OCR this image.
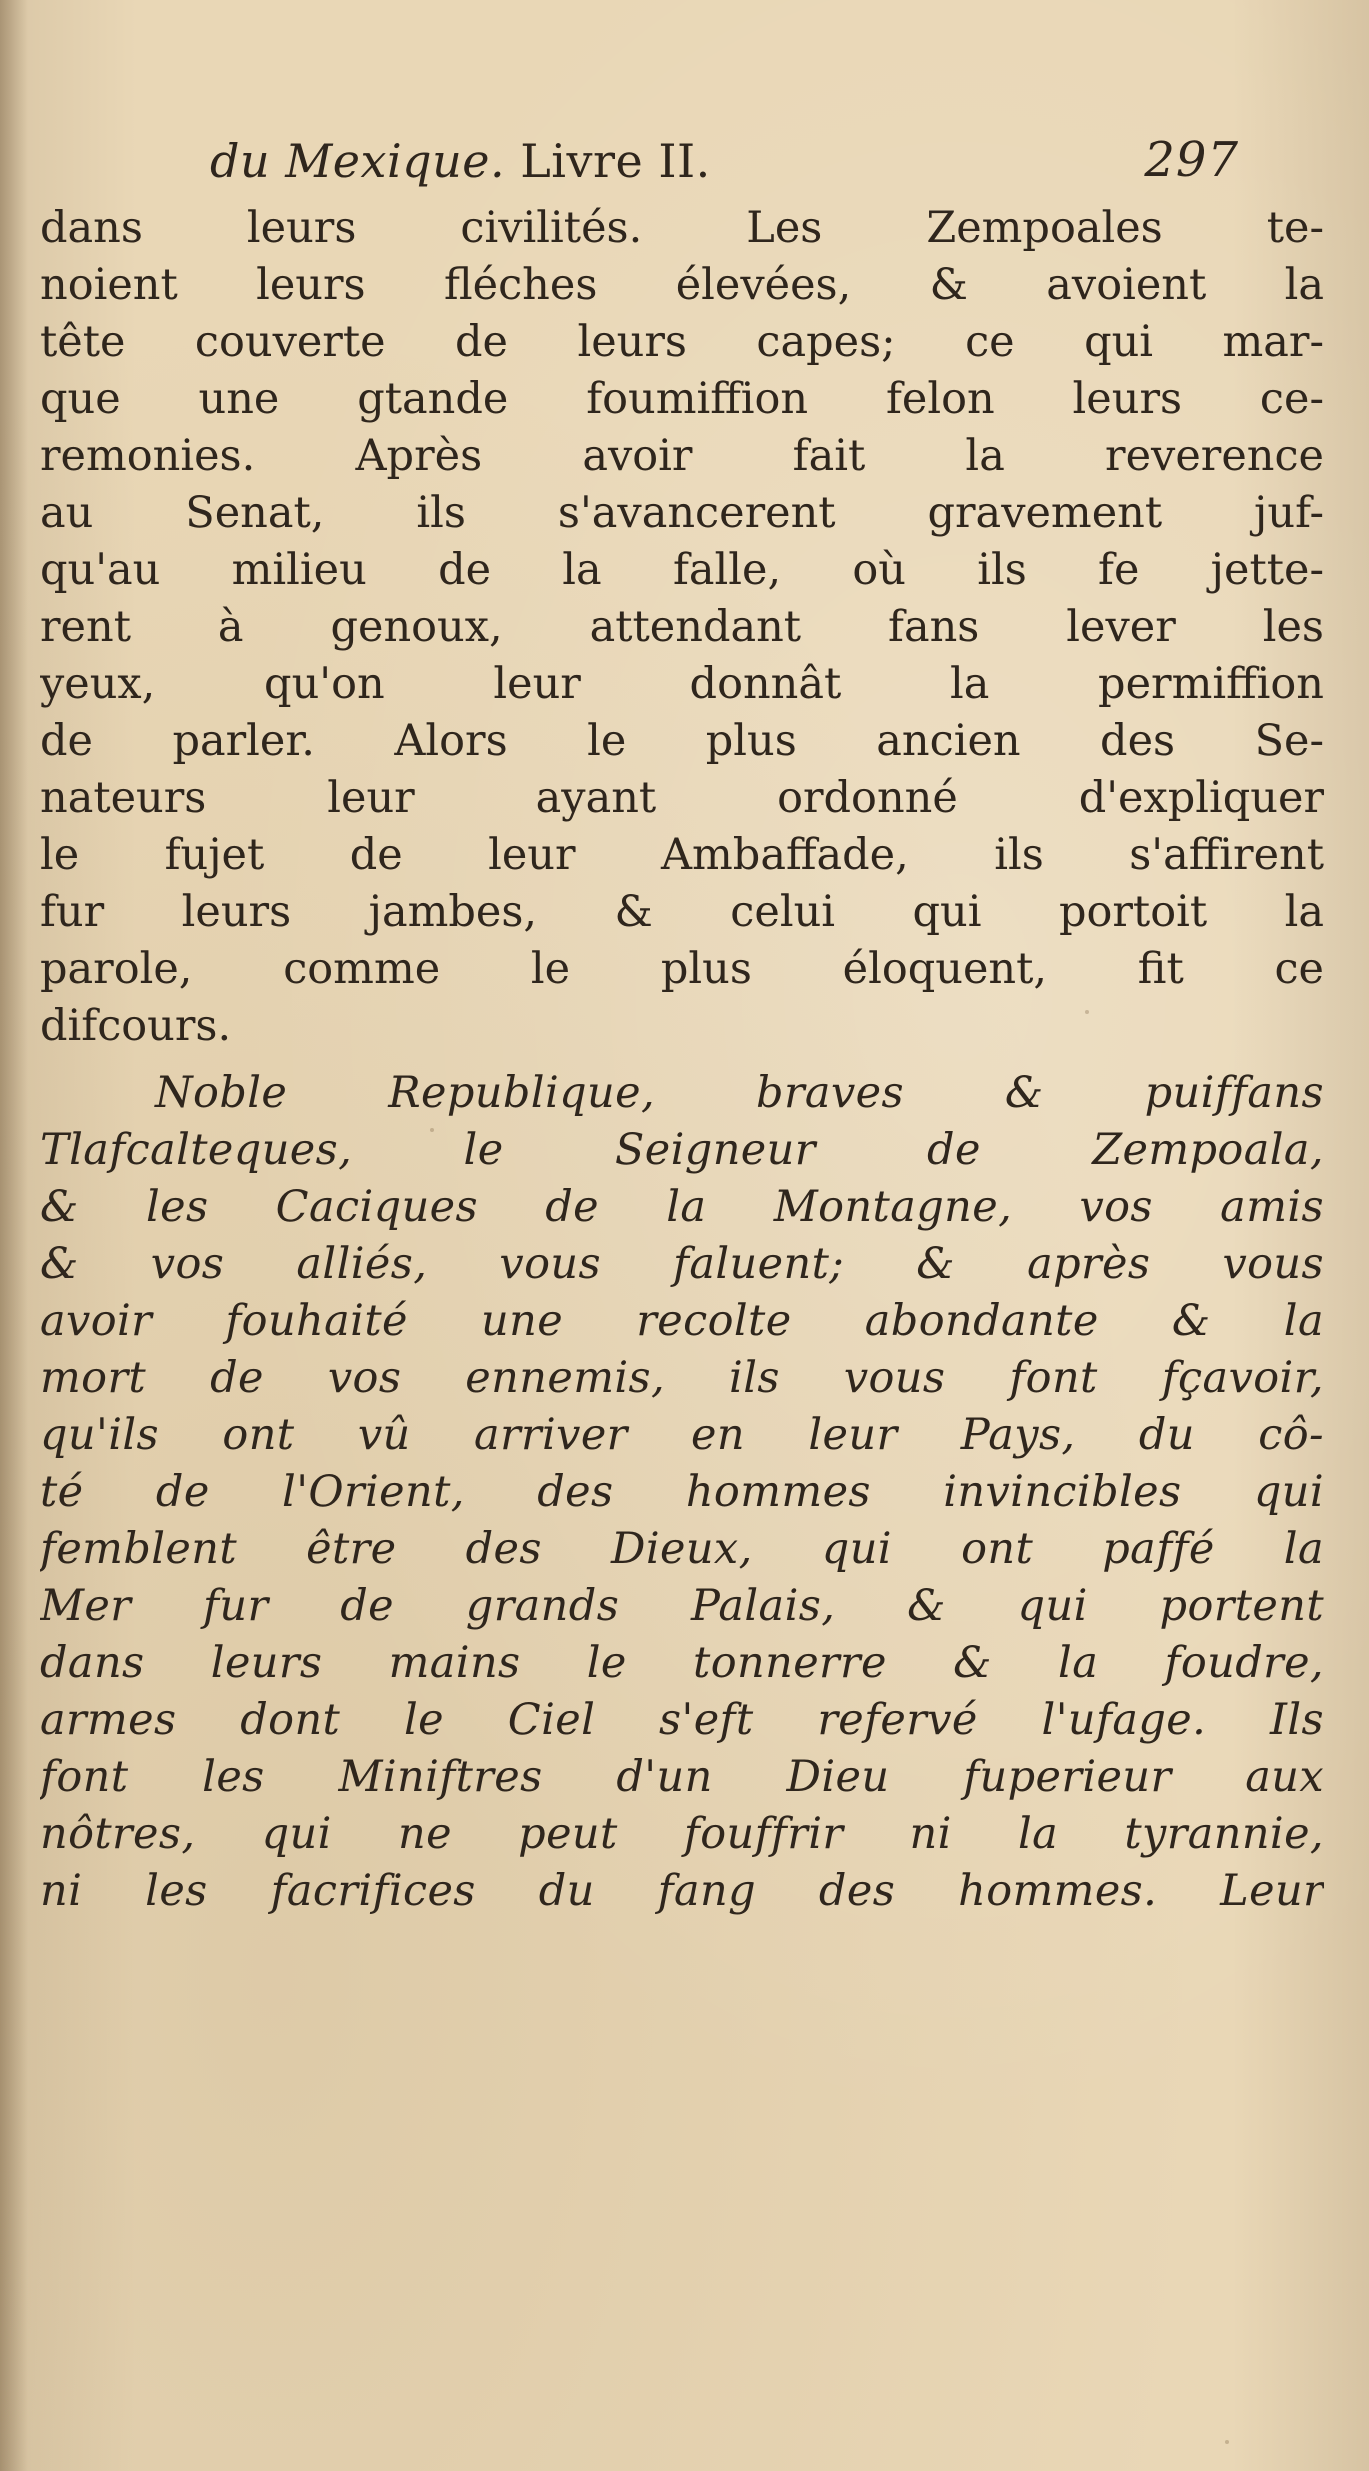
du Mexique. Livre II.	297
dans leurs civilités. Les Zempoales te-
noient leurs fléches élevées, & avoient la
tête couverte de leurs capes; ce qui mar-
que une gtande foumiffion felon leurs ce-
remonies. Après avoir fait la reverence
au Senat, ils s'avancerent gravement juf-
qu'au milieu de la falle, où ils fe jette-
rent à genoux, attendant fans lever les
yeux, qu'on leur donnât la permiffion
de parler. Alors le plus ancien des Se-
nateurs leur ayant ordonné d'expliquer
le fujet de leur Ambaffade, ils s'affirent
fur leurs jambes, & celui qui portoit la
parole, comme le plus éloquent, fit ce
difcours.
Noble Republique, braves & puiffans
Tlafcalteques, le Seigneur de Zempoala,
& les Caciques de la Montagne, vos amis
& vos alliés, vous faluent; & après vous
avoir fouhaité une recolte abondante & la
mort de vos ennemis, ils vous font fçavoir,
qu'ils ont vû arriver en leur Pays, du cô-
té de l'Orient, des hommes invincibles qui
femblent être des Dieux, qui ont paffé la
Mer fur de grands Palais, & qui portent
dans leurs mains le tonnerre & la foudre,
armes dont le Ciel s'eft refervé l'ufage. Ils
font les Miniftres d'un Dieu fuperieur aux
nôtres, qui ne peut fouffrir ni la tyrannie,
ni les facrifices du fang des hommes. Leur
